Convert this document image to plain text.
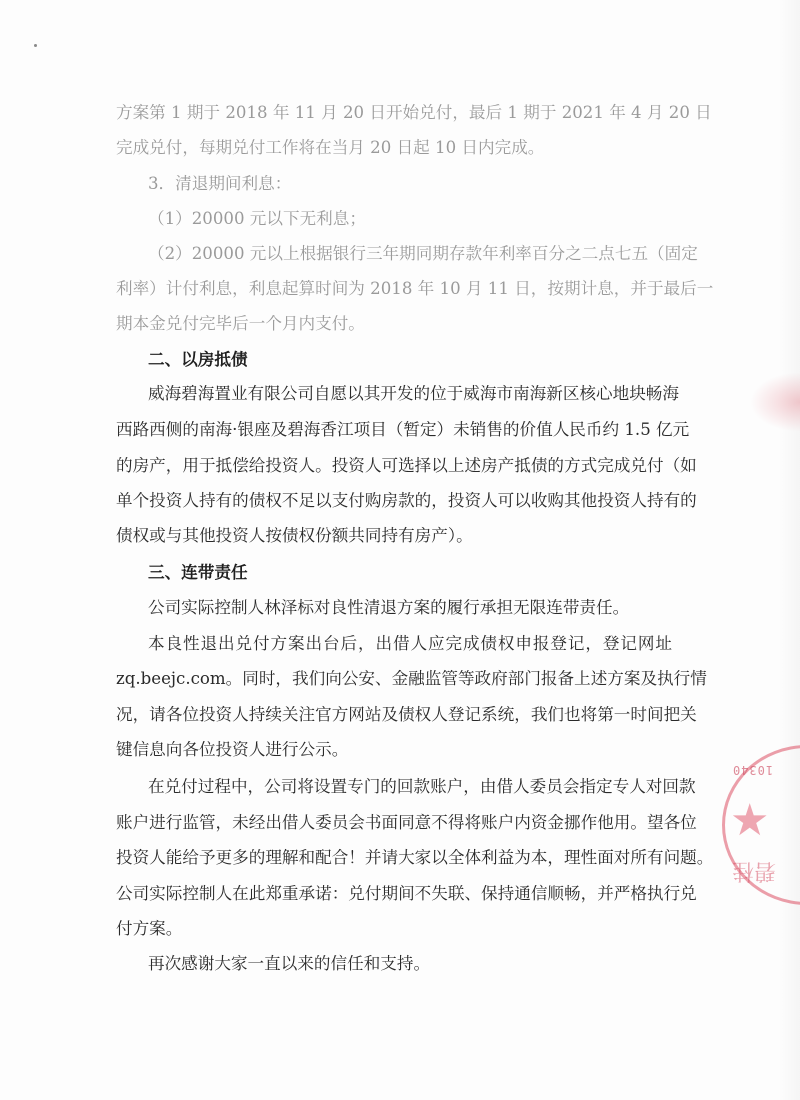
方案第 1 期于 2018 年 11 月 20 日开始兑付，最后 1 期于 2021 年 4 月 20 日

完成兑付，每期兑付工作将在当月 20 日起 10 日内完成。

3．清退期间利息：

（1）20000 元以下无利息；

（2）20000 元以上根据银行三年期同期存款年利率百分之二点七五（固定

利率）计付利息，利息起算时间为 2018 年 10 月 11 日，按期计息，并于最后一

期本金兑付完毕后一个月内支付。

二、以房抵债

威海碧海置业有限公司自愿以其开发的位于威海市南海新区核心地块畅海

西路西侧的南海·银座及碧海香江项目（暂定）未销售的价值人民币约 1.5 亿元

的房产，用于抵偿给投资人。投资人可选择以上述房产抵债的方式完成兑付（如

单个投资人持有的债权不足以支付购房款的，投资人可以收购其他投资人持有的

债权或与其他投资人按债权份额共同持有房产）。

三、连带责任

公司实际控制人林泽标对良性清退方案的履行承担无限连带责任。

本良性退出兑付方案出台后，出借人应完成债权申报登记，登记网址

zq.beejc.com。同时，我们向公安、金融监管等政府部门报备上述方案及执行情

况，请各位投资人持续关注官方网站及债权人登记系统，我们也将第一时间把关

键信息向各位投资人进行公示。

在兑付过程中，公司将设置专门的回款账户，由借人委员会指定专人对回款

账户进行监管，未经出借人委员会书面同意不得将账户内资金挪作他用。望各位

投资人能给予更多的理解和配合！并请大家以全体利益为本，理性面对所有问题。

公司实际控制人在此郑重承诺：兑付期间不失联、保持通信顺畅，并严格执行兑

付方案。

再次感谢大家一直以来的信任和支持。

10340
★
碧桂
